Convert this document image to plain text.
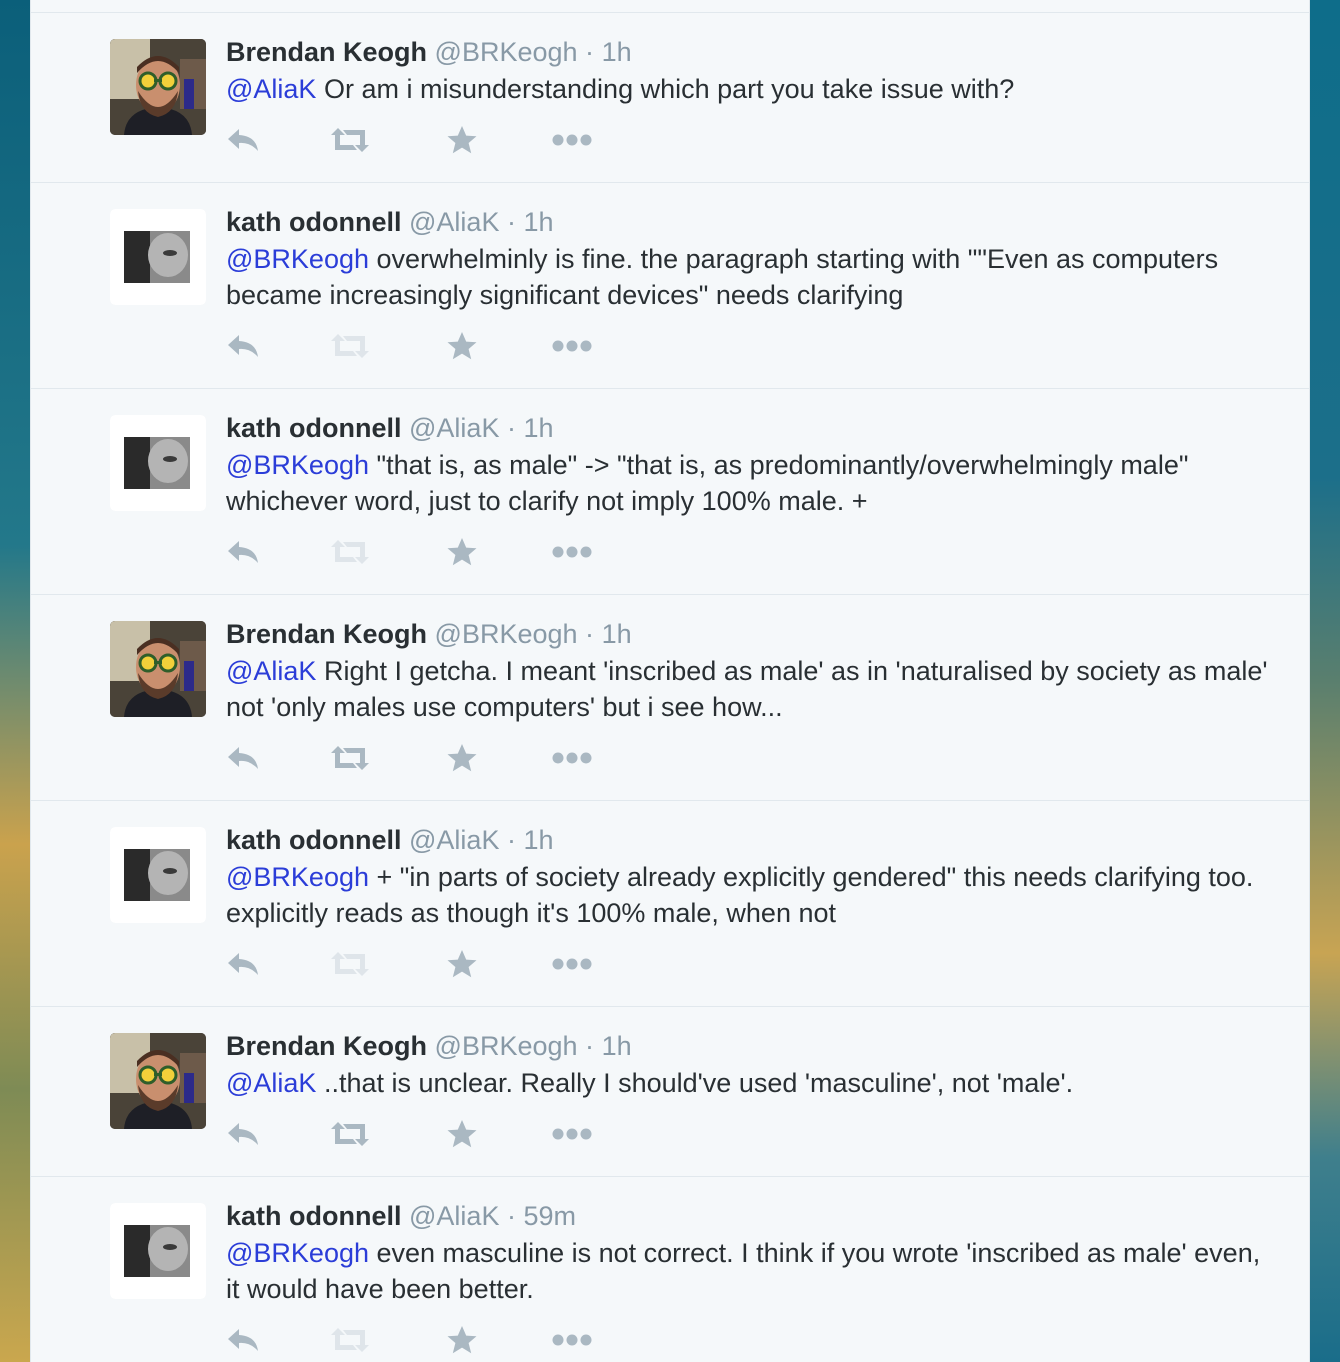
Brendan Keogh @BRKeogh · 1h
@AliaK Or am i misunderstanding which part you take issue with?
kath odonnell @AliaK · 1h
@BRKeogh overwhelminly is fine. the paragraph starting with ""Even as computers became increasingly significant devices" needs clarifying
kath odonnell @AliaK · 1h
@BRKeogh "that is, as male" -> "that is, as predominantly/overwhelmingly male" whichever word, just to clarify not imply 100% male. +
Brendan Keogh @BRKeogh · 1h
@AliaK Right I getcha. I meant 'inscribed as male' as in 'naturalised by society as male' not 'only males use computers' but i see how...
kath odonnell @AliaK · 1h
@BRKeogh + "in parts of society already explicitly gendered" this needs clarifying too. explicitly reads as though it's 100% male, when not
Brendan Keogh @BRKeogh · 1h
@AliaK ..that is unclear. Really I should've used 'masculine', not 'male'.
kath odonnell @AliaK · 59m
@BRKeogh even masculine is not correct. I think if you wrote 'inscribed as male' even, it would have been better.
